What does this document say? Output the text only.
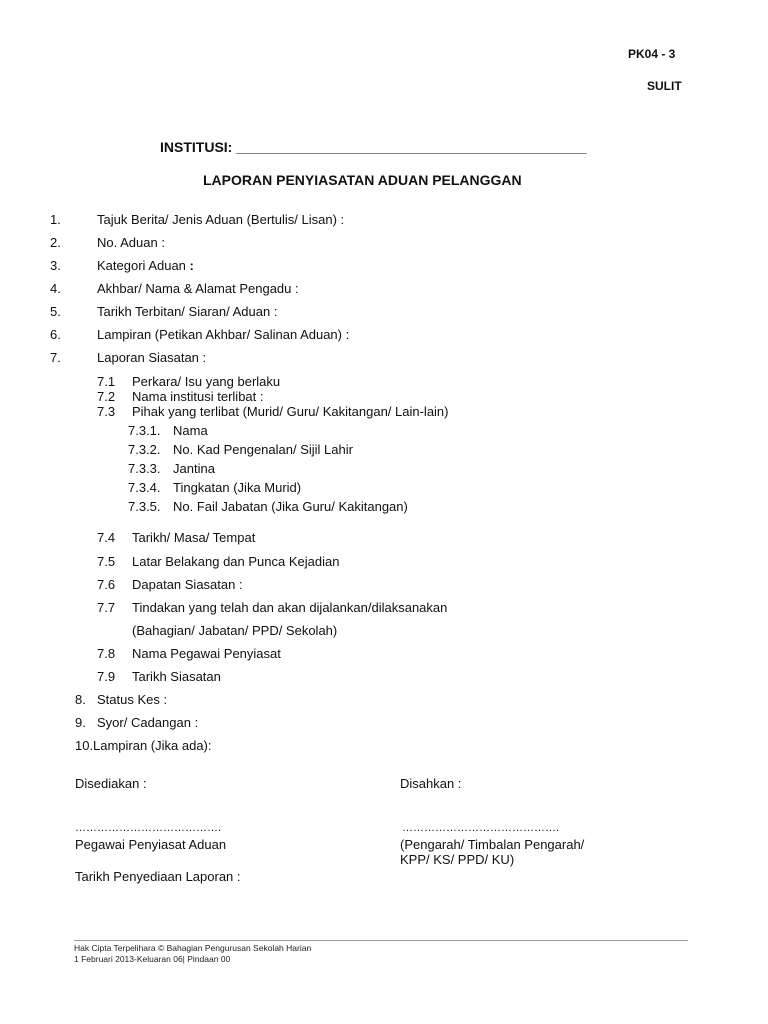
PK04 - 3
SULIT
INSTITUSI: _____________________________________________
LAPORAN PENYIASATAN ADUAN PELANGGAN
1.	Tajuk Berita/ Jenis Aduan (Bertulis/ Lisan) :
2.	No. Aduan :
3.	Kategori Aduan :
4.	Akhbar/ Nama & Alamat Pengadu :
5.	Tarikh Terbitan/ Siaran/ Aduan :
6.	Lampiran (Petikan Akhbar/ Salinan Aduan) :
7.	Laporan Siasatan :
7.1 Perkara/ Isu yang berlaku
7.2 Nama institusi terlibat :
7.3 Pihak yang terlibat (Murid/ Guru/ Kakitangan/ Lain-lain)
7.3.1. Nama
7.3.2. No. Kad Pengenalan/ Sijil Lahir
7.3.3. Jantina
7.3.4. Tingkatan (Jika Murid)
7.3.5. No. Fail Jabatan (Jika Guru/ Kakitangan)
7.4 Tarikh/ Masa/ Tempat
7.5 Latar Belakang dan Punca Kejadian
7.6 Dapatan Siasatan :
7.7 Tindakan yang telah dan akan dijalankan/dilaksanakan
(Bahagian/ Jabatan/ PPD/ Sekolah)
7.8 Nama Pegawai Penyiasat
7.9 Tarikh Siasatan
8. Status Kes :
9. Syor/ Cadangan :
10. Lampiran (Jika ada):
Disediakan :	Disahkan :
………………………………….	…………………………………….
Pegawai Penyiasat Aduan	(Pengarah/ Timbalan Pengarah/
KPP/ KS/ PPD/ KU)
Tarikh Penyediaan Laporan :
Hak Cipta Terpelihara © Bahagian Pengurusan Sekolah Harian
1 Februari 2013-Keluaran 06| Pindaan 00
